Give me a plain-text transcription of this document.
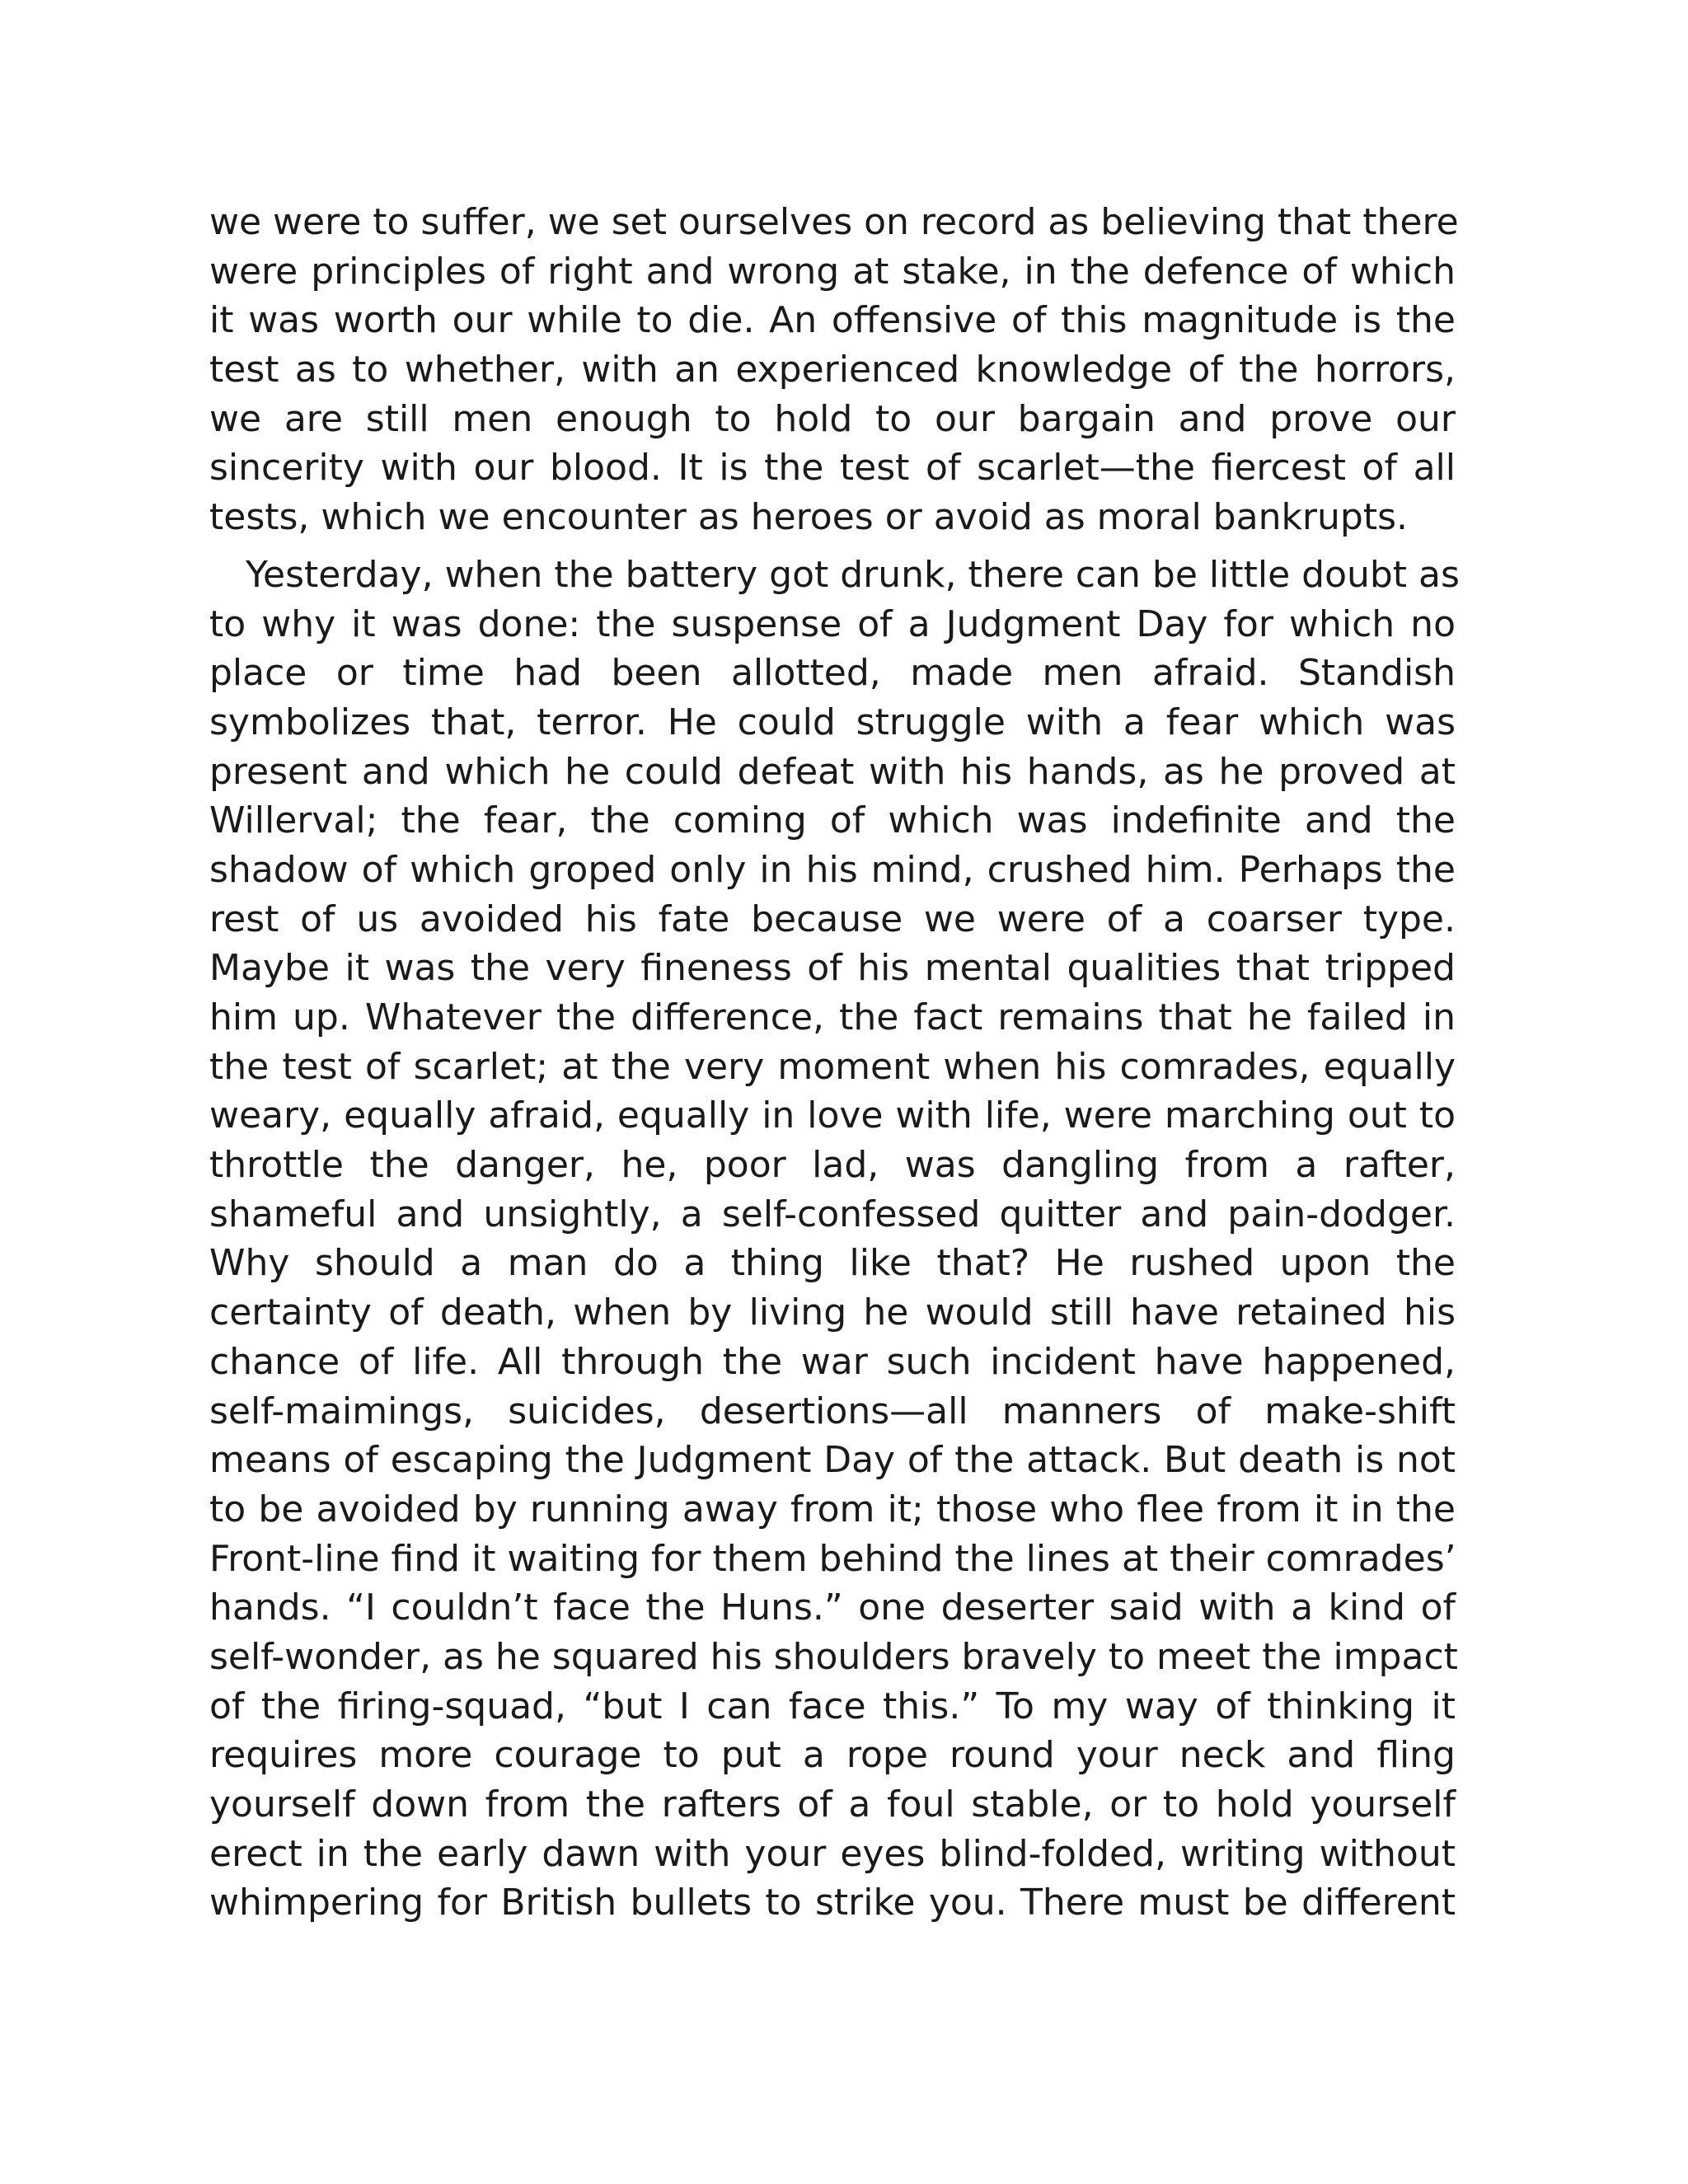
we were to suffer, we set ourselves on record as believing that there
were principles of right and wrong at stake, in the defence of which
it was worth our while to die. An offensive of this magnitude is the
test as to whether, with an experienced knowledge of the horrors,
we are still men enough to hold to our bargain and prove our
sincerity with our blood. It is the test of scarlet—the fiercest of all
tests, which we encounter as heroes or avoid as moral bankrupts.
Yesterday, when the battery got drunk, there can be little doubt as
to why it was done: the suspense of a Judgment Day for which no
place or time had been allotted, made men afraid. Standish
symbolizes that, terror. He could struggle with a fear which was
present and which he could defeat with his hands, as he proved at
Willerval; the fear, the coming of which was indefinite and the
shadow of which groped only in his mind, crushed him. Perhaps the
rest of us avoided his fate because we were of a coarser type.
Maybe it was the very fineness of his mental qualities that tripped
him up. Whatever the difference, the fact remains that he failed in
the test of scarlet; at the very moment when his comrades, equally
weary, equally afraid, equally in love with life, were marching out to
throttle the danger, he, poor lad, was dangling from a rafter,
shameful and unsightly, a self-confessed quitter and pain-dodger.
Why should a man do a thing like that? He rushed upon the
certainty of death, when by living he would still have retained his
chance of life. All through the war such incident have happened,
self-maimings, suicides, desertions—all manners of make-shift
means of escaping the Judgment Day of the attack. But death is not
to be avoided by running away from it; those who flee from it in the
Front-line find it waiting for them behind the lines at their comrades’
hands. “I couldn’t face the Huns.” one deserter said with a kind of
self-wonder, as he squared his shoulders bravely to meet the impact
of the firing-squad, “but I can face this.” To my way of thinking it
requires more courage to put a rope round your neck and fling
yourself down from the rafters of a foul stable, or to hold yourself
erect in the early dawn with your eyes blind-folded, writing without
whimpering for British bullets to strike you. There must be different
